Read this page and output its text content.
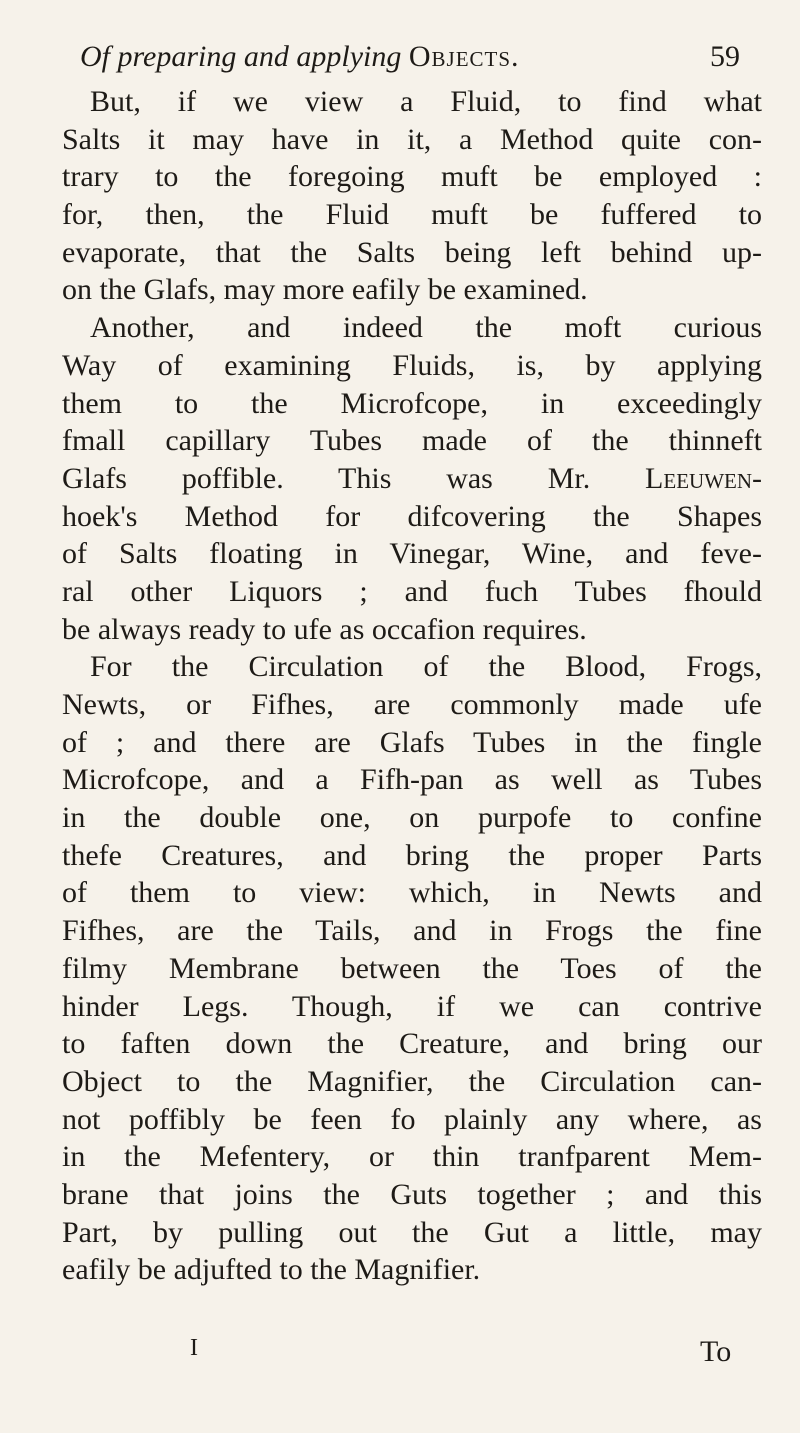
Of preparing and applying Objects.	59
But, if we view a Fluid, to find what
Salts it may have in it, a Method quite con-
trary to the foregoing muft be employed :
for, then, the Fluid muft be fuffered to
evaporate, that the Salts being left behind up-
on the Glafs, may more eafily be examined.
Another, and indeed the moft curious
Way of examining Fluids, is, by applying
them to the Microfcope, in exceedingly
fmall capillary Tubes made of the thinneft
Glafs poffible. This was Mr. Leeuwen-
hoek's Method for difcovering the Shapes
of Salts floating in Vinegar, Wine, and feve-
ral other Liquors ; and fuch Tubes fhould
be always ready to ufe as occafion requires.
For the Circulation of the Blood, Frogs,
Newts, or Fifhes, are commonly made ufe
of ; and there are Glafs Tubes in the fingle
Microfcope, and a Fifh-pan as well as Tubes
in the double one, on purpofe to confine
thefe Creatures, and bring the proper Parts
of them to view: which, in Newts and
Fifhes, are the Tails, and in Frogs the fine
filmy Membrane between the Toes of the
hinder Legs. Though, if we can contrive
to faften down the Creature, and bring our
Object to the Magnifier, the Circulation can-
not poffibly be feen fo plainly any where, as
in the Mefentery, or thin tranfparent Mem-
brane that joins the Guts together ; and this
Part, by pulling out the Gut a little, may
eafily be adjufted to the Magnifier.
I	To
